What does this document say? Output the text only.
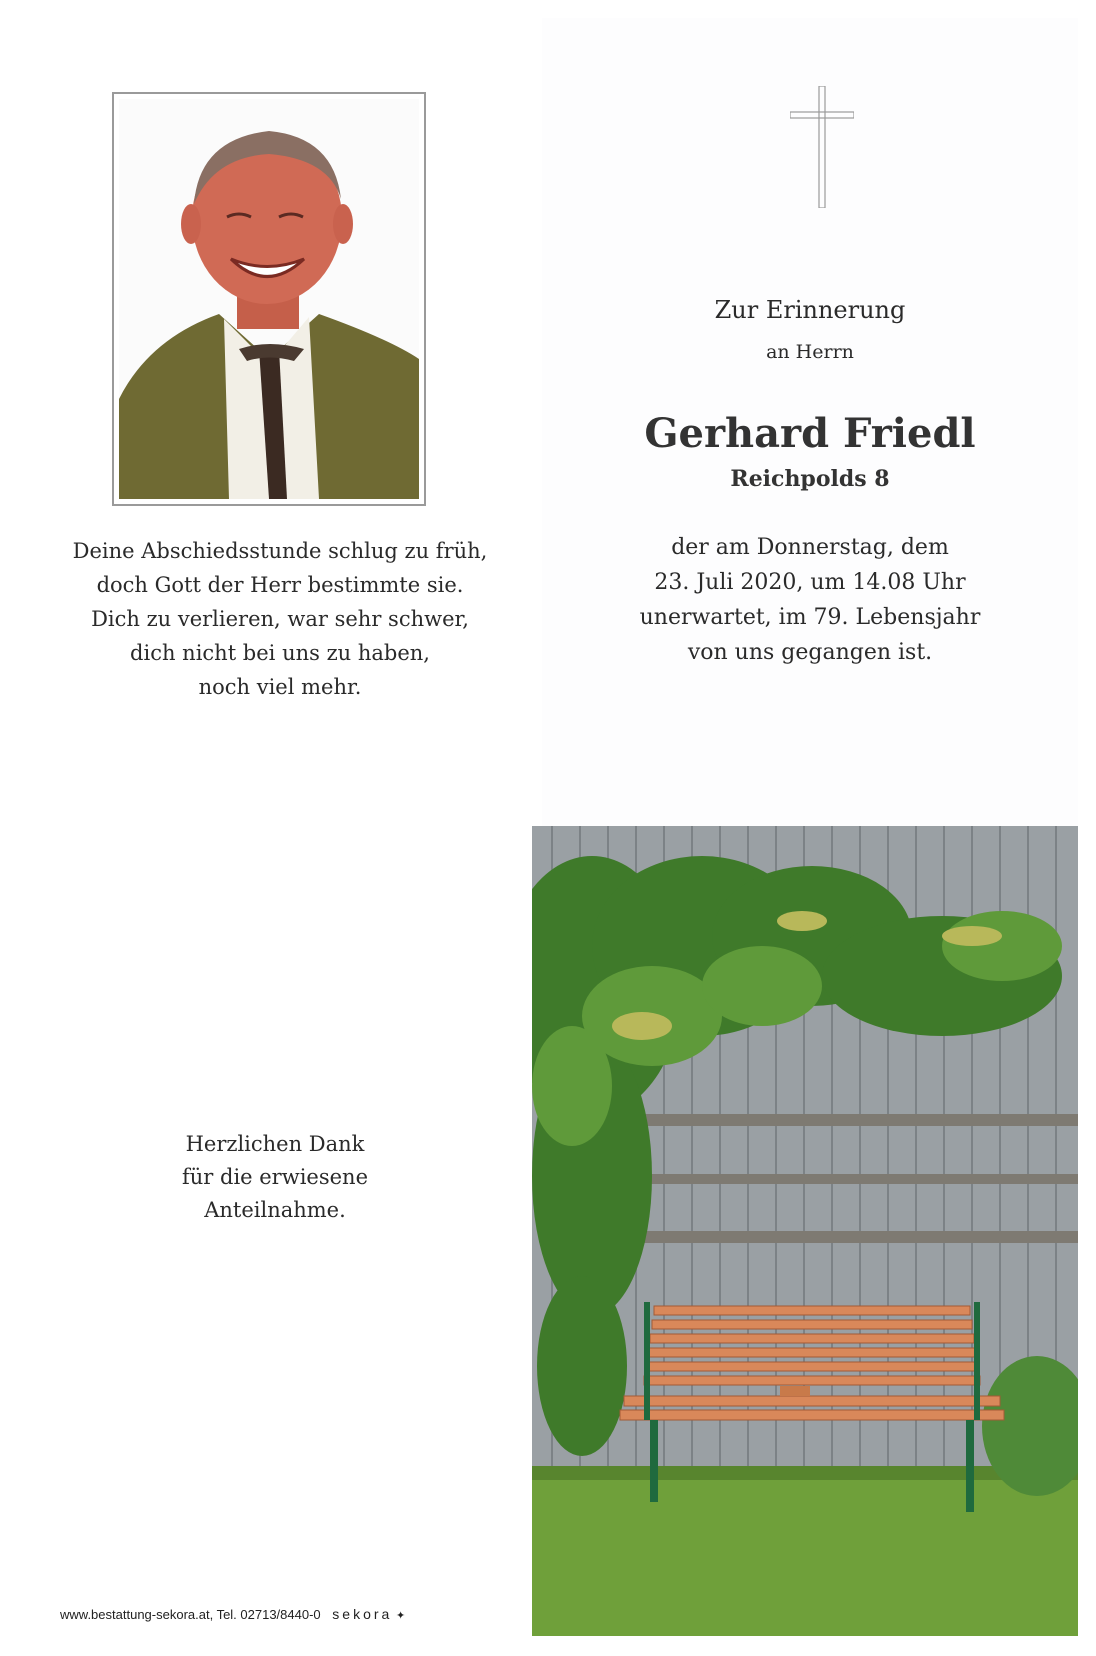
Deine Abschiedsstunde schlug zu früh,
doch Gott der Herr bestimmte sie.
Dich zu verlieren, war sehr schwer,
dich nicht bei uns zu haben,
noch viel mehr.
Zur Erinnerung
an Herrn
Gerhard Friedl
Reichpolds 8
der am Donnerstag, dem
23. Juli 2020, um 14.08 Uhr
unerwartet, im 79. Lebensjahr
von uns gegangen ist.
Herzlichen Dank
für die erwiesene
Anteilnahme.
www.bestattung-sekora.at, Tel. 02713/8440-0 sekora ✦
